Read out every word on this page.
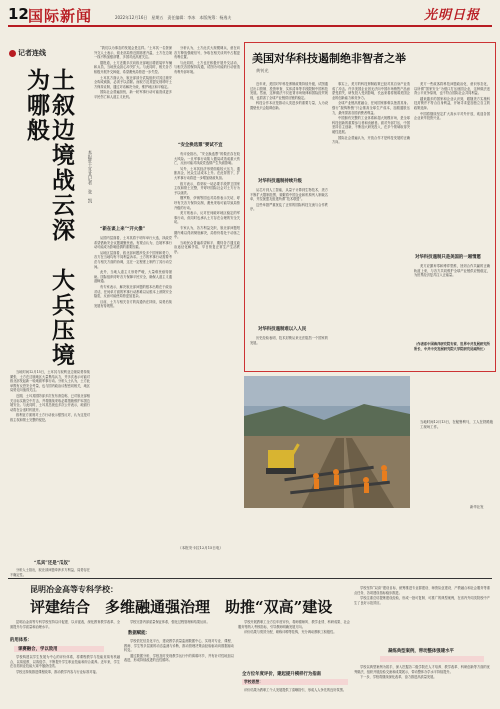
12 国际新闻	2022年12月16日　星期五　责任编辑：李冰　本版统筹：杨逸夫	光明日报
记者连线
土叙边境战云深　大兵压境为哪般
本报驻土耳其记者　张　凯

当地时间12月15日，土耳其与叙利亚边境局势持续紧张，土方在边境地区大量集结兵力，并多次表示可能对叙北部发起新一轮地面军事行动。分析人士认为，土方此举既有反恐安全考量，也与国内政治议程密切相关，地区局势走向值得关注。

近期，土耳其国防部多次发布消息称，已对叙北部相关目标实施空中打击，并将继续采取必要措施维护本国边境安全。与此同时，土耳其总统也多次公开表示，地面行动将在合适时机展开。

叙利亚方面则对土方行动表示强烈反对，认为这是对叙主权和领土完整的侵犯。

“瓜宾”还是“瓜奴”

分析人士指出，叙北部问题牵涉多方利益，局势存在不确定性。

“我们以为事态的发展会是这样。”土耳其一名资深外交人士表示，叙北部局势近期再度升温，土方在边境一线不断加强部署，多国对此高度关注。

据报道，土方近期多次向叙北部地区增派装甲车辆和兵员，当地民众担心冲突扩大。与此同时，相关各方积极开展外交斡旋，希望避免局势进一步失控。

土耳其方面认为，叙北部部分武装组织对其边境安全构成威胁，必须予以清除。而叙方及其盟友则呼吁土方保持克制，通过对话解决分歧，维护地区和平稳定。

国际社会普遍担忧，新一轮军事行动可能造成更多平民伤亡和人道主义危机。

“新在谈上来”“开火像”

从国内层面看，土耳其将于明年举行大选，执政党希望借助安全议题凝聚民意。有观点认为，边境军事行动可能成为影响选情的重要因素。

从地区层面看，叙北部问题涉及多个国家和势力，各方在当地均有不同利益诉求。土方的军事行动需要考虑与相关方面的协调，这在一定程度上制约了其行动空间。

此外，当地人道主义形势严峻，大量难民亟待援助。国际组织呼吁各方保障平民安全，确保人道主义通道畅通。

有专家表示，解决叙北部问题的根本出路在于政治对话，任何单方面的军事行动都难以从根本上消除安全隐患，反而可能使局势更加复杂。

目前，土方与相关各方的沟通仍在持续，局势后续发展有待观察。

“安全换选票”要试不宜

分析认为，土方此次大规模调兵，意在向各方释放强硬信号，争取在相关谈判中占据更有利位置。

与此同时，土方也在积极开展外交活动，与相关各国保持沟通，试图为可能的行动营造有利外部环境。

有评论指出，“安全换选票”的做法存在较大风险。一旦军事行动陷入僵局或造成重大伤亡，反而可能对执政党选情产生负面影响。

另外，土耳其经济形势面临较大压力，通胀高企，民众生活成本上升。在此背景下，扩大军事行动将进一步增加财政负担。

叙方表示，将采取一切必要手段捍卫国家主权和领土完整，并呼吁国际社会对土方行为予以谴责。

俄罗斯、伊朗等国也对局势表示关切，呼吁有关各方保持克制，避免采取可能导致局势升级的行动。

美方则表示，反对任何破坏地区稳定的军事行动，但同时也承认土方存在合理的安全关切。

专家认为，各方利益交织，叙北部问题短期内难以得到彻底解决，局势仍将处于动荡之中。

当地民众普遍希望和平，期待各方通过政治途径化解矛盾，早日恢复正常生产生活秩序。

（本报安卡拉12月15日电）
美国对华科技遏制绝非智者之举
黄钊光

近年来，美国对华科技遏制政策持续升级，试图通过出口管制、投资审查、实体清单等手段限制中国科技发展。然而，这种做法不仅违背市场规律和国际经贸规则，也损害了全球产业链供应链的稳定。

科技合作本应是推动人类进步的重要力量，人为设置壁垒只会阻碍创新。

对华科技遏制持续升级

从芯片到人工智能，从量子计算到生物技术，美方不断扩大限制范围，频繁将中国企业和机构列入制裁名单，并拉拢盟友组建所谓“技术联盟”。

这些举措严重扰乱了正常的国际科技交流与合作秩序。

对华科技遏制难以入人民

历史经验表明，技术封锁从来无法阻挡一个国家的发展。

事实上，美方的科技遏制政策已经对其自身产业造成了冲击。许多美国企业因无法向中国市场销售产品而蒙受损失，研发投入受到影响，长远来看将削弱美国企业的创新能力和竞争力。

全球产业链高度融合，任何国家都难以独善其身。强行“脱钩断链”只会推高全球生产成本，加剧通胀压力，最终损害各国消费者利益。

中国拥有完整的工业体系和超大规模市场，是全球科技创新的重要参与者和贡献者。面对外部打压，中国坚持自主创新，不断加大研发投入，在多个领域取得突破性进展。

国际社会普遍认为，开放合作才是科技发展的正确方向。

对华科技遏制只是美国的一厢情愿

美方一些政客将科技问题政治化、意识形态化，以所谓“国家安全”为借口打压他国企业，这种做法违背公平竞争原则，也不符合国际社会共同利益。

越来越多的国家和企业认识到，跟随美方实施科技封锁并不符合自身利益，开始寻求更加独立自主的政策选择。

中国将继续坚定扩大高水平对外开放，欢迎各国企业来华投资兴业。

美方应摒弃零和博弈思维，回到合作共赢的正确轨道上来，与各方共同维护全球产业链供应链稳定，为世界经济复苏注入正能量。

（作者系中国海洋研究院专家、世界中共发展研究所所长、中共中央发展研究院大学院研究员副所长）
当地时间12月13日，在秘鲁利马，工人在铁路施工现场工作。
新华社发
昆明冶金高等专科学校：
评建结合　多维融通强治理　助推“双高”建设

昆明冶金高等专科学校坚持以评促建、以评促改，深化教育教学改革，全面提升办学质量和治理水平。

的用体系：
课赛融合，学以致用

学校构建以学生发展为中心的评价体系，将课程教学与技能竞赛有机融合，以赛促教、以赛促学，不断提升学生职业技能和综合素养。近年来，学生在各类职业技能大赛中屡获佳绩。

学校还持续推进课程改革，推动教学内容与行业标准对接。

学校完善内部质量保证体系，强化过程管理和结果运用。

数据赋能：

学校依托信息化平台，建设教学质量监测数据中心，实现对专业、课程、教师、学生等多层面的动态监测与诊断，推动管理决策由经验驱动向数据驱动转变。

通过数据分析，学校及时发现教学运行中的薄弱环节，并有针对性地加以改进，形成持续改进的良性循环。

学校开展教职工全方位年度评价，将师德师风、教学业绩、科研成果、社会服务等纳入考核指标，引导教师明确发展方向。

评价结果与绩效分配、职称评聘等挂钩，充分调动教职工积极性。

全方位年度评价，建起提升模样行为指南
学校思想：

评价结果为教职工个人发展提供了清晰指引，形成人人争先的良好氛围。

学校坚持“双高”建设目标，统筹推进专业群建设、师资队伍建设、产教融合和社会服务等重点任务，各项建设指标稳步推进。

学校注重总结提炼建设经验，形成一批可复制、可推广的典型案例，在省内外同类院校中产生了良好示范效应。

凝练典型案例，带动整体强建水平

学校以典型案例为抓手，深入挖掘各二级学院在人才培养、教学改革、科研创新等方面的优秀做法，组织开展经验交流和成果展示，带动整体办学水平持续提升。

下一步，学校将继续深化改革，奋力推进高质量发展。
